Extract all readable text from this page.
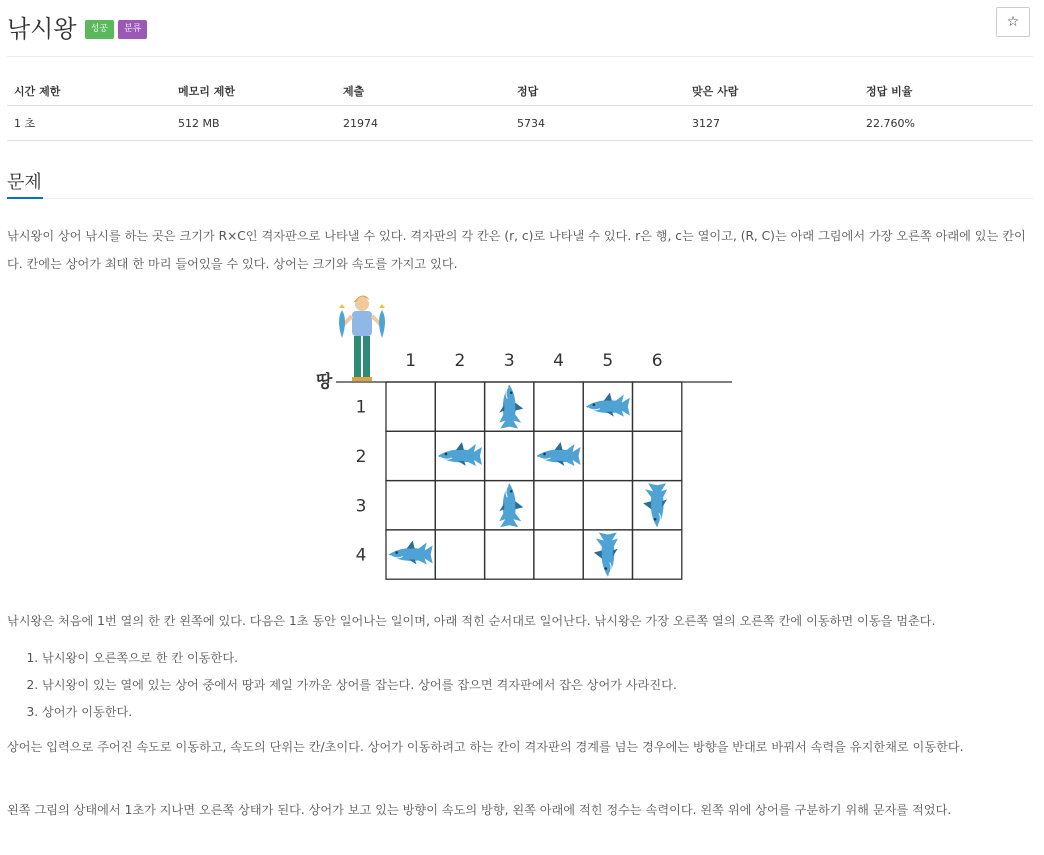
낚시왕	성공	분류	☆
시간 제한	메모리 제한	제출	정답	맞은 사람	정답 비율
1 초	512 MB	21974	5734	3127	22.760%
문제

낚시왕이 상어 낚시를 하는 곳은 크기가 R×C인 격자판으로 나타낼 수 있다. 격자판의 각 칸은 (r, c)로 나타낼 수 있다. r은 행, c는 열이고, (R, C)는 아래 그림에서 가장 오른쪽 아래에 있는 칸이다. 칸에는 상어가 최대 한 마리 들어있을 수 있다. 상어는 크기와 속도를 가지고 있다.

땅
1 2 3 4 5 6
1
2
3
4

낚시왕은 처음에 1번 열의 한 칸 왼쪽에 있다. 다음은 1초 동안 일어나는 일이며, 아래 적힌 순서대로 일어난다. 낚시왕은 가장 오른쪽 열의 오른쪽 칸에 이동하면 이동을 멈춘다.

1. 낚시왕이 오른쪽으로 한 칸 이동한다.
2. 낚시왕이 있는 열에 있는 상어 중에서 땅과 제일 가까운 상어를 잡는다. 상어를 잡으면 격자판에서 잡은 상어가 사라진다.
3. 상어가 이동한다.

상어는 입력으로 주어진 속도로 이동하고, 속도의 단위는 칸/초이다. 상어가 이동하려고 하는 칸이 격자판의 경계를 넘는 경우에는 방향을 반대로 바꿔서 속력을 유지한채로 이동한다.

왼쪽 그림의 상태에서 1초가 지나면 오른쪽 상태가 된다. 상어가 보고 있는 방향이 속도의 방향, 왼쪽 아래에 적힌 정수는 속력이다. 왼쪽 위에 상어를 구분하기 위해 문자를 적었다.
